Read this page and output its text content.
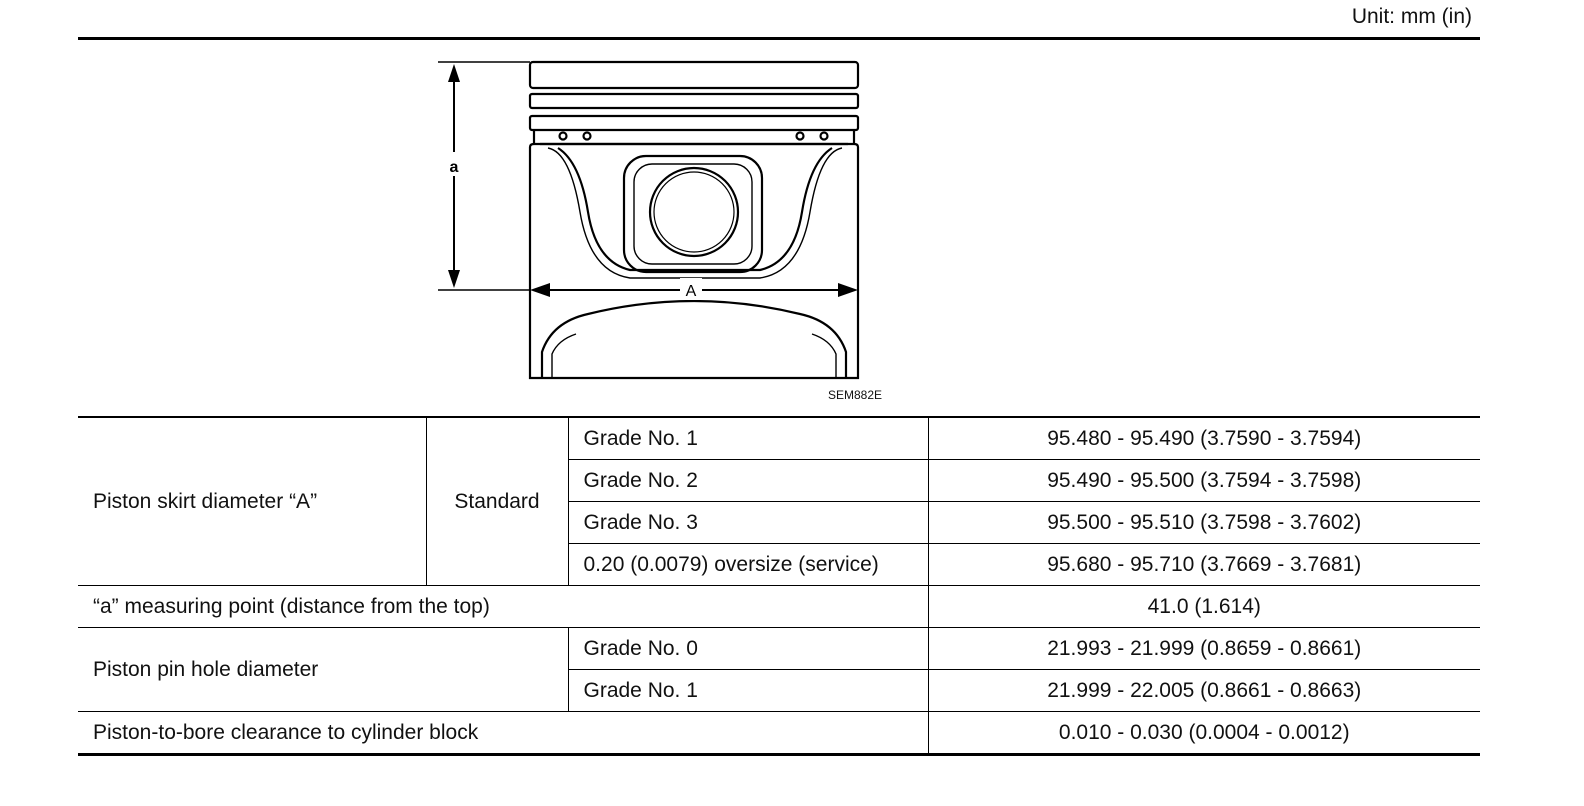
Unit: mm (in)
a
A
SEM882E
Piston skirt diameter “A”	Standard	Grade No. 1	95.480 - 95.490 (3.7590 - 3.7594)
		Grade No. 2	95.490 - 95.500 (3.7594 - 3.7598)
		Grade No. 3	95.500 - 95.510 (3.7598 - 3.7602)
		0.20 (0.0079) oversize (service)	95.680 - 95.710 (3.7669 - 3.7681)
“a” measuring point (distance from the top)			41.0 (1.614)
Piston pin hole diameter		Grade No. 0	21.993 - 21.999 (0.8659 - 0.8661)
		Grade No. 1	21.999 - 22.005 (0.8661 - 0.8663)
Piston-to-bore clearance to cylinder block			0.010 - 0.030 (0.0004 - 0.0012)
